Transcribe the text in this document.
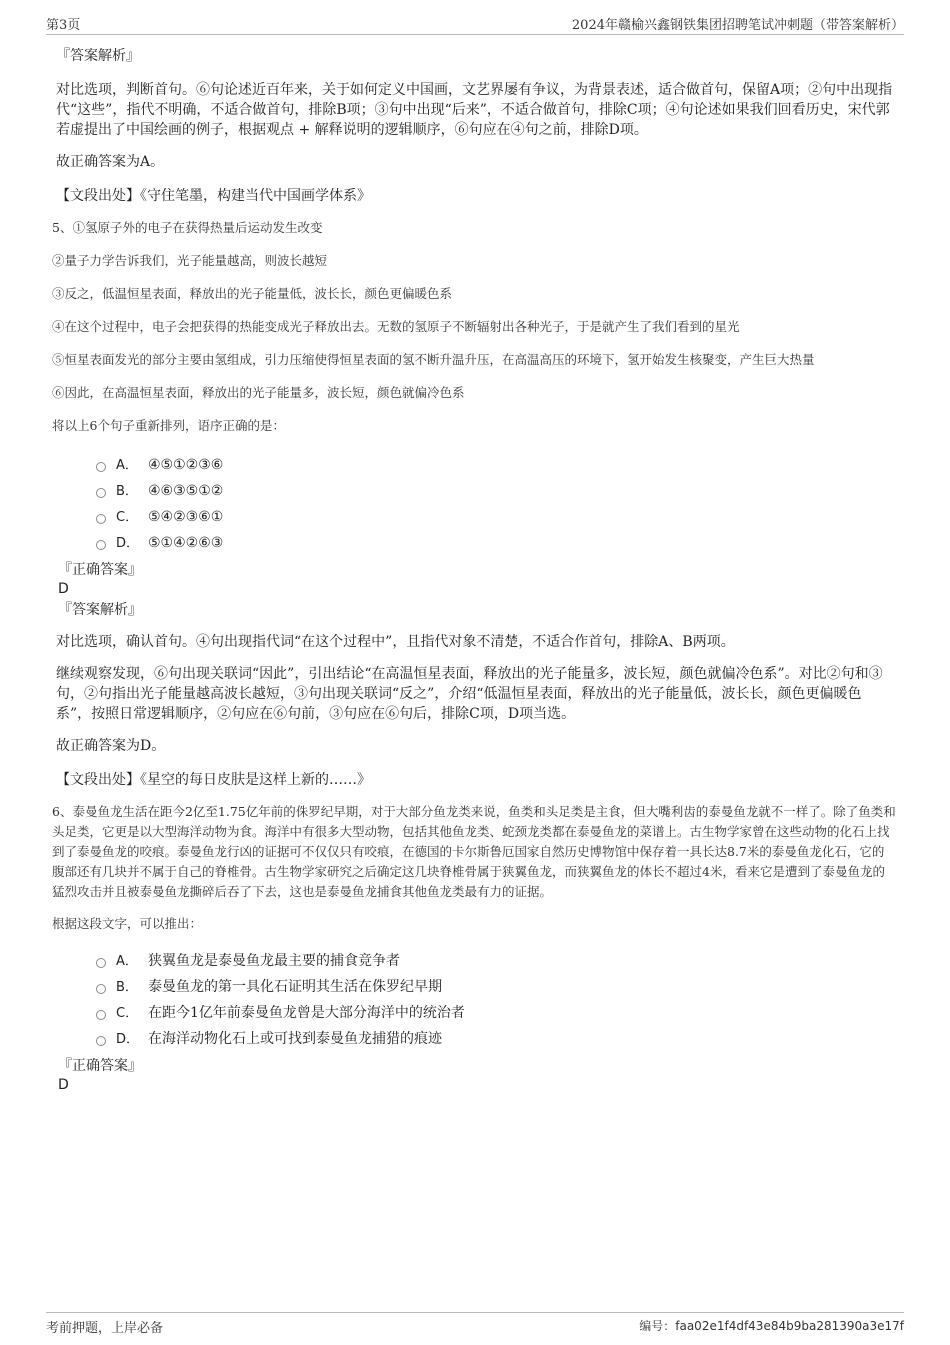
第3页	2024年赣榆兴鑫钢铁集团招聘笔试冲刺题（带答案解析）

『答案解析』

对比选项，判断首句。⑥句论述近百年来，关于如何定义中国画，文艺界屡有争议，为背景表述，适合做首句，保留A项；②句中出现指代“这些”，指代不明确，不适合做首句，排除B项；③句中出现“后来”，不适合做首句，排除C项；④句论述如果我们回看历史，宋代郭若虚提出了中国绘画的例子，根据观点 + 解释说明的逻辑顺序，⑥句应在④句之前，排除D项。

故正确答案为A。

【文段出处】《守住笔墨，构建当代中国画学体系》

5、①氢原子外的电子在获得热量后运动发生改变

②量子力学告诉我们，光子能量越高，则波长越短

③反之，低温恒星表面，释放出的光子能量低，波长长，颜色更偏暖色系

④在这个过程中，电子会把获得的热能变成光子释放出去。无数的氢原子不断辐射出各种光子，于是就产生了我们看到的星光

⑤恒星表面发光的部分主要由氢组成，引力压缩使得恒星表面的氢不断升温升压，在高温高压的环境下，氢开始发生核聚变，产生巨大热量

⑥因此，在高温恒星表面，释放出的光子能量多，波长短，颜色就偏冷色系

将以上6个句子重新排列，语序正确的是：

A． ④⑤①②③⑥
B． ④⑥③⑤①②
C． ⑤④②③⑥①
D． ⑤①④②⑥③

『正确答案』

D

『答案解析』

对比选项，确认首句。④句出现指代词“在这个过程中”，且指代对象不清楚，不适合作首句，排除A、B两项。

继续观察发现，⑥句出现关联词“因此”，引出结论“在高温恒星表面，释放出的光子能量多，波长短，颜色就偏冷色系”。对比②句和③句，②句指出光子能量越高波长越短，③句出现关联词“反之”，介绍“低温恒星表面，释放出的光子能量低，波长长，颜色更偏暖色系”，按照日常逻辑顺序，②句应在⑥句前，③句应在⑥句后，排除C项，D项当选。

故正确答案为D。

【文段出处】《星空的每日皮肤是这样上新的……》

6、泰曼鱼龙生活在距今2亿至1.75亿年前的侏罗纪早期，对于大部分鱼龙类来说，鱼类和头足类是主食，但大嘴利齿的泰曼鱼龙就不一样了。除了鱼类和头足类，它更是以大型海洋动物为食。海洋中有很多大型动物，包括其他鱼龙类、蛇颈龙类都在泰曼鱼龙的菜谱上。古生物学家曾在这些动物的化石上找到了泰曼鱼龙的咬痕。泰曼鱼龙行凶的证据可不仅仅只有咬痕，在德国的卡尔斯鲁厄国家自然历史博物馆中保存着一具长达8.7米的泰曼鱼龙化石，它的腹部还有几块并不属于自己的脊椎骨。古生物学家研究之后确定这几块脊椎骨属于狭翼鱼龙，而狭翼鱼龙的体长不超过4米，看来它是遭到了泰曼鱼龙的猛烈攻击并且被泰曼鱼龙撕碎后吞了下去，这也是泰曼鱼龙捕食其他鱼龙类最有力的证据。

根据这段文字，可以推出：

A． 狭翼鱼龙是泰曼鱼龙最主要的捕食竞争者
B． 泰曼鱼龙的第一具化石证明其生活在侏罗纪早期
C． 在距今1亿年前泰曼鱼龙曾是大部分海洋中的统治者
D． 在海洋动物化石上或可找到泰曼鱼龙捕猎的痕迹

『正确答案』

D

考前押题，上岸必备	编号：faa02e1f4df43e84b9ba281390a3e17f
